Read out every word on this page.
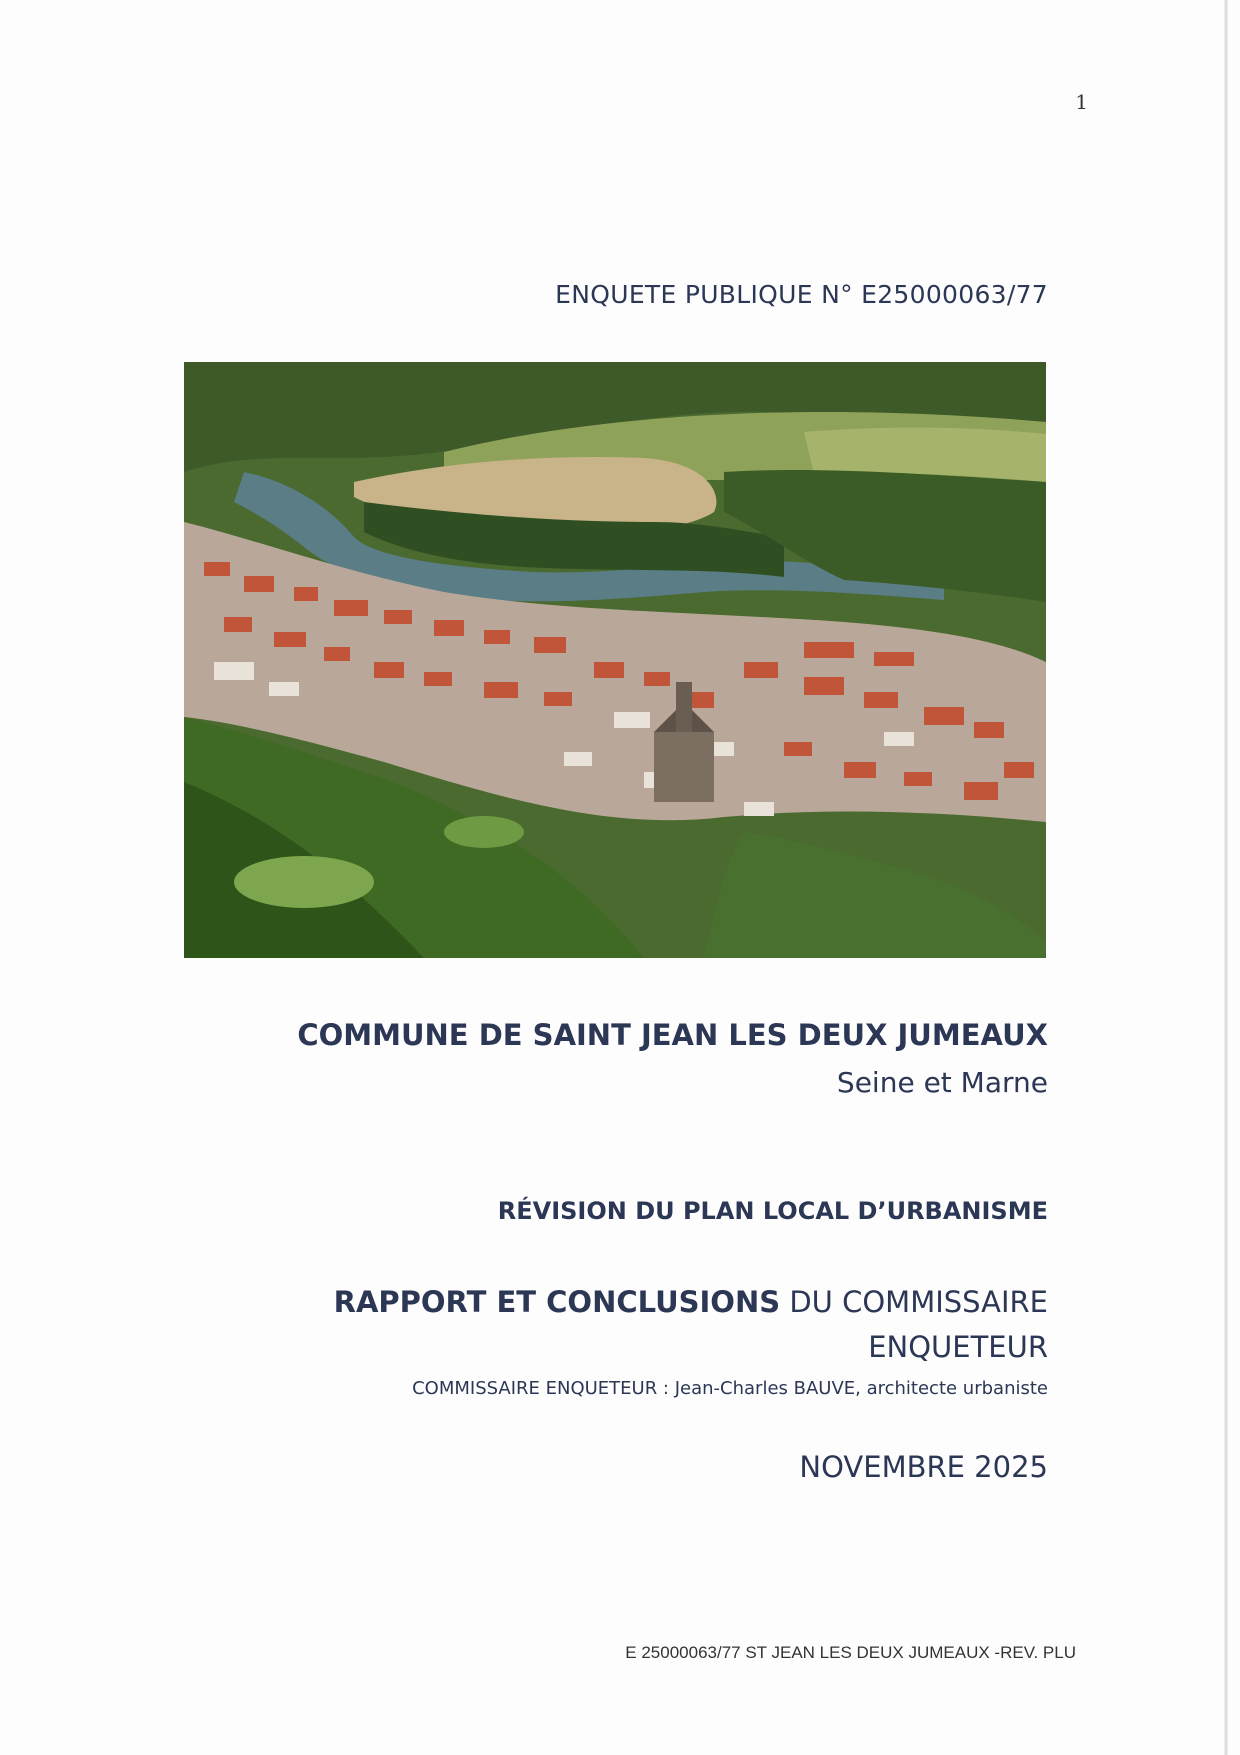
1
ENQUETE PUBLIQUE N° E25000063/77
COMMUNE DE SAINT JEAN LES DEUX JUMEAUX
Seine et Marne
RÉVISION DU PLAN LOCAL D’URBANISME
RAPPORT ET CONCLUSIONS DU COMMISSAIRE
ENQUETEUR
COMMISSAIRE ENQUETEUR : Jean-Charles BAUVE, architecte urbaniste
NOVEMBRE 2025
E 25000063/77 ST JEAN LES DEUX JUMEAUX -REV. PLU
